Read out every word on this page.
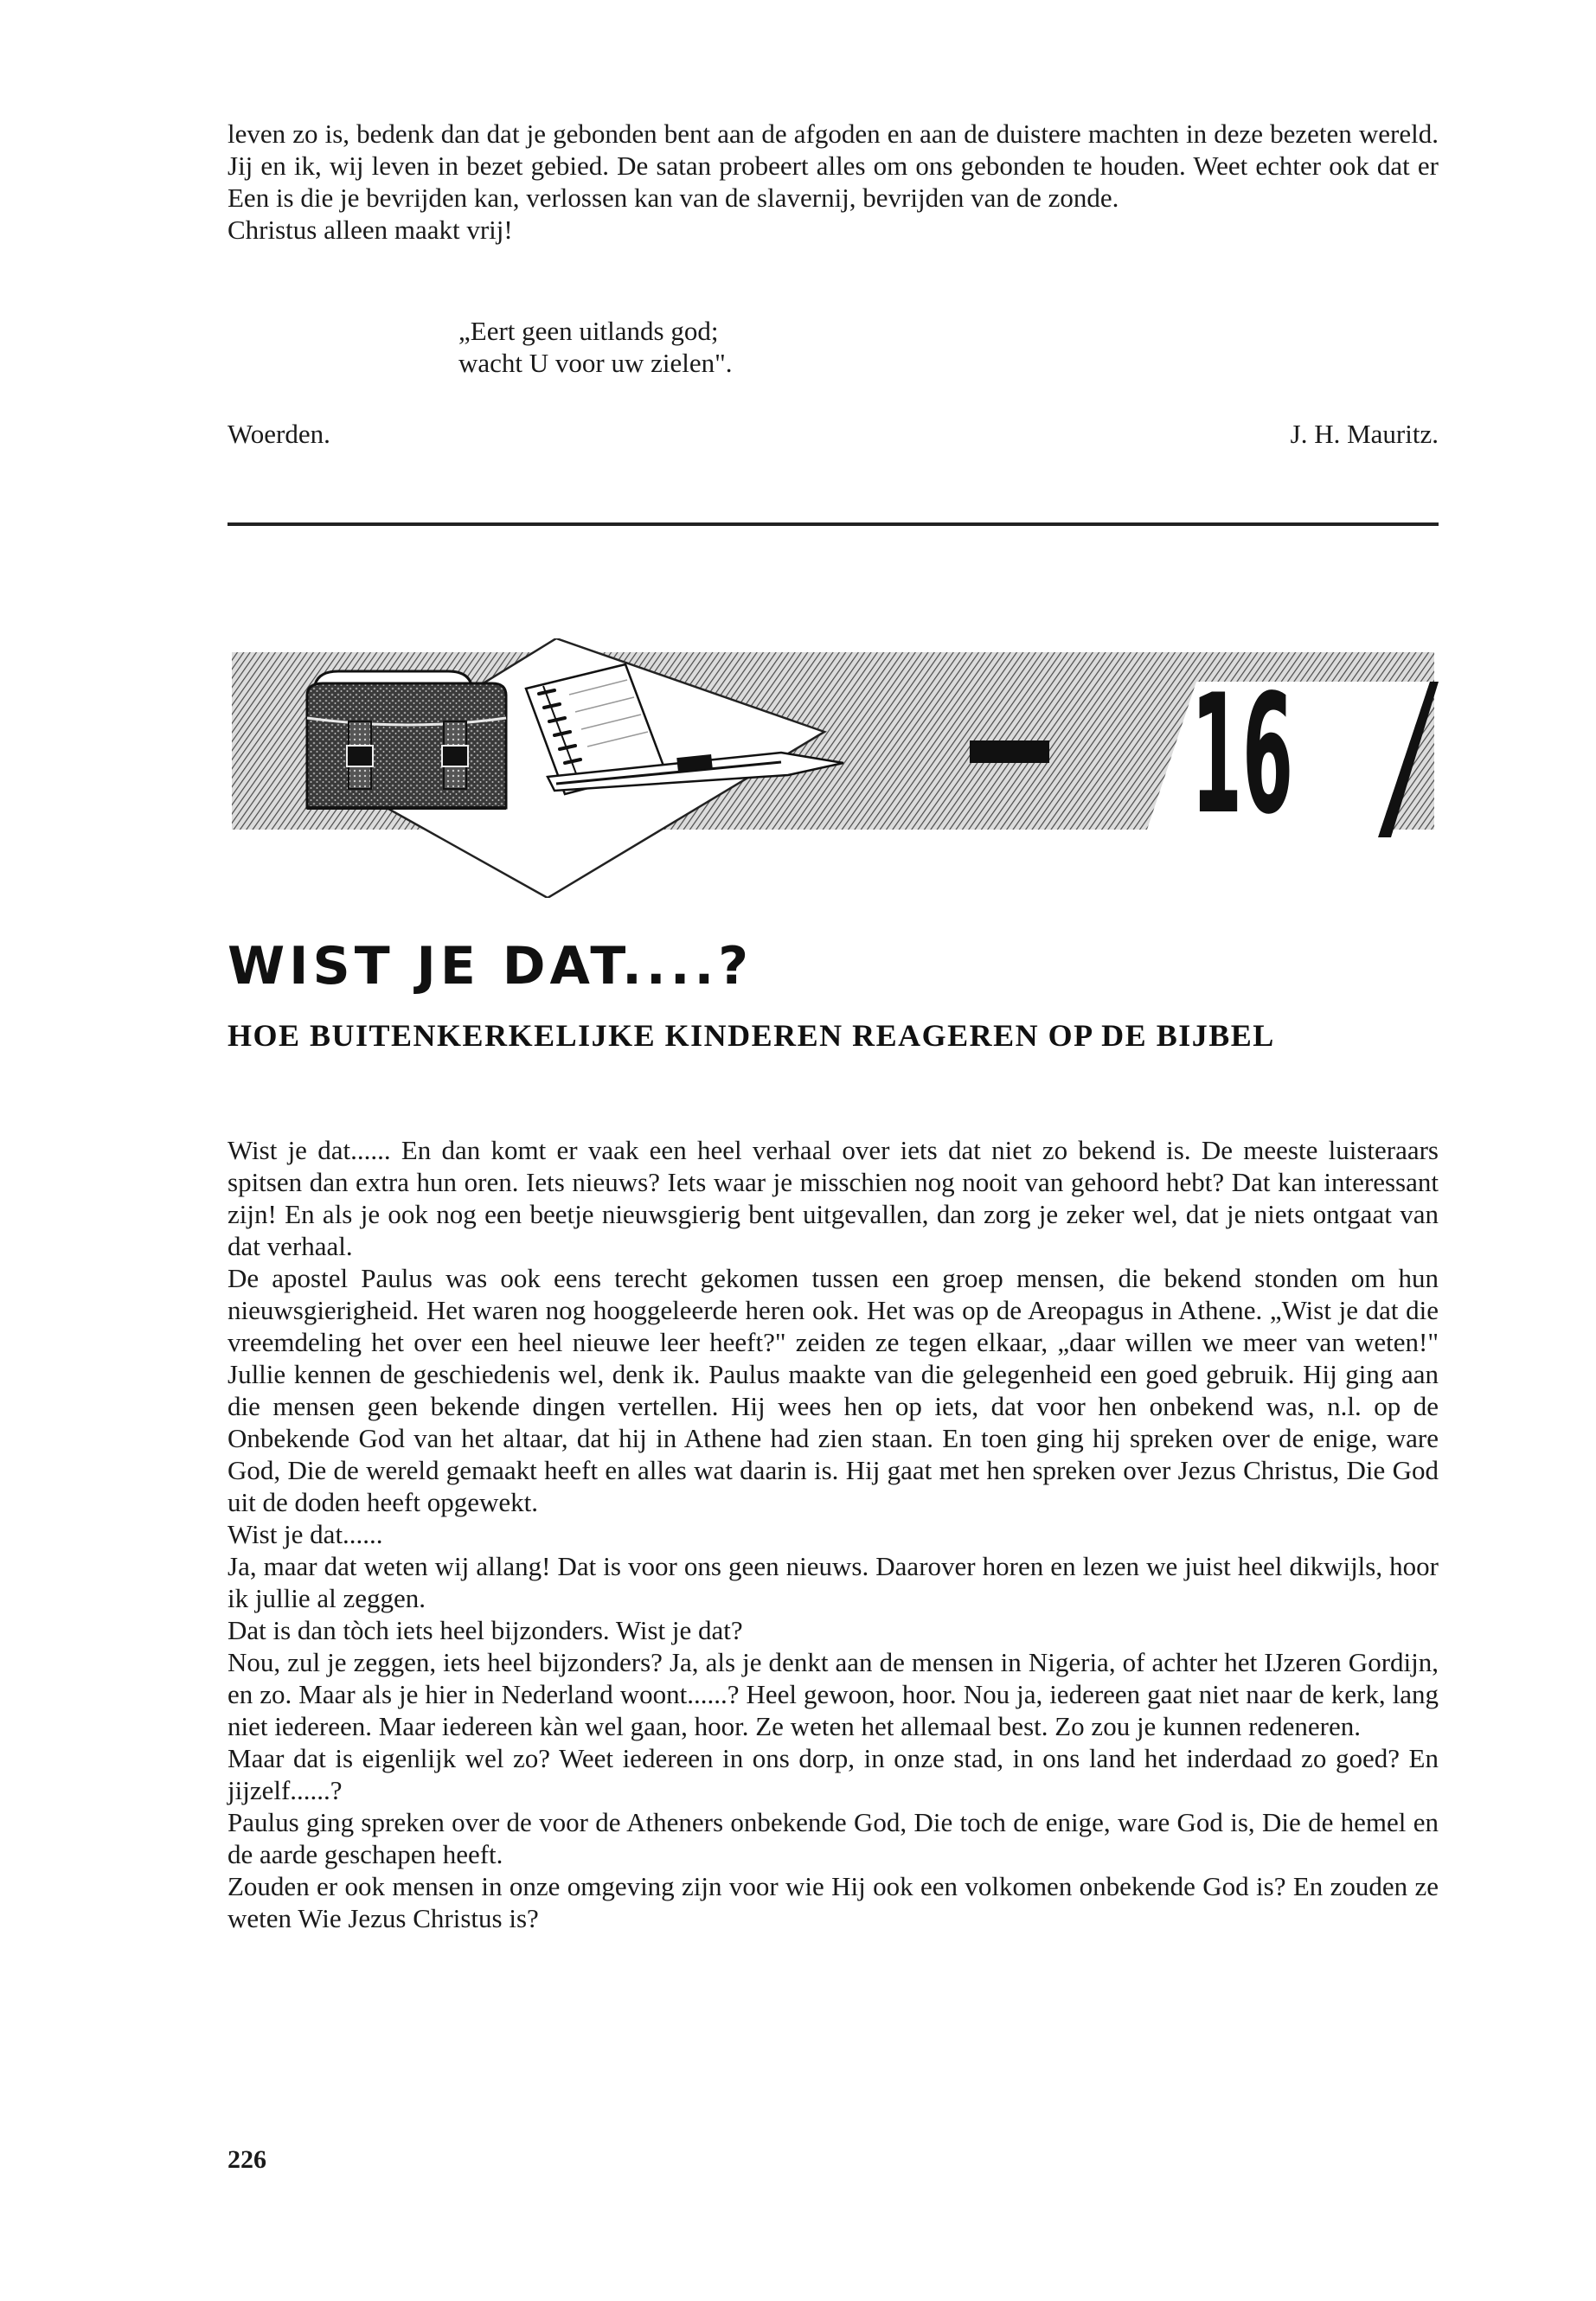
leven zo is, bedenk dan dat je gebonden bent aan de afgoden en aan de duistere machten in deze bezeten wereld. Jij en ik, wij leven in bezet gebied. De satan probeert alles om ons gebonden te houden. Weet echter ook dat er Een is die je bevrijden kan, verlossen kan van de slavernij, bevrijden van de zonde.

Christus alleen maakt vrij!

„Eert geen uitlands god;
wacht U voor uw zielen".
Woerden.	J. H. Mauritz.
16
WIST JE DAT....?
HOE BUITENKERKELIJKE KINDEREN REAGEREN OP DE BIJBEL

Wist je dat...... En dan komt er vaak een heel verhaal over iets dat niet zo bekend is. De meeste luisteraars spitsen dan extra hun oren. Iets nieuws? Iets waar je misschien nog nooit van gehoord hebt? Dat kan interessant zijn! En als je ook nog een beetje nieuwsgierig bent uitgevallen, dan zorg je zeker wel, dat je niets ontgaat van dat verhaal.

De apostel Paulus was ook eens terecht gekomen tussen een groep mensen, die bekend stonden om hun nieuwsgierigheid. Het waren nog hooggeleerde heren ook. Het was op de Areopagus in Athene. „Wist je dat die vreemdeling het over een heel nieuwe leer heeft?" zeiden ze tegen elkaar, „daar willen we meer van weten!" Jullie kennen de geschiedenis wel, denk ik. Paulus maakte van die gelegenheid een goed gebruik. Hij ging aan die mensen geen bekende dingen vertellen. Hij wees hen op iets, dat voor hen onbekend was, n.l. op de Onbekende God van het altaar, dat hij in Athene had zien staan. En toen ging hij spreken over de enige, ware God, Die de wereld gemaakt heeft en alles wat daarin is. Hij gaat met hen spreken over Jezus Christus, Die God uit de doden heeft opgewekt.

Wist je dat......

Ja, maar dat weten wij allang! Dat is voor ons geen nieuws. Daarover horen en lezen we juist heel dikwijls, hoor ik jullie al zeggen.

Dat is dan tòch iets heel bijzonders. Wist je dat?

Nou, zul je zeggen, iets heel bijzonders? Ja, als je denkt aan de mensen in Nigeria, of achter het IJzeren Gordijn, en zo. Maar als je hier in Nederland woont......? Heel gewoon, hoor. Nou ja, iedereen gaat niet naar de kerk, lang niet iedereen. Maar iedereen kàn wel gaan, hoor. Ze weten het allemaal best. Zo zou je kunnen redeneren.

Maar dat is eigenlijk wel zo? Weet iedereen in ons dorp, in onze stad, in ons land het inderdaad zo goed? En jijzelf......?

Paulus ging spreken over de voor de Atheners onbekende God, Die toch de enige, ware God is, Die de hemel en de aarde geschapen heeft.

Zouden er ook mensen in onze omgeving zijn voor wie Hij ook een volkomen onbekende God is? En zouden ze weten Wie Jezus Christus is?

226
